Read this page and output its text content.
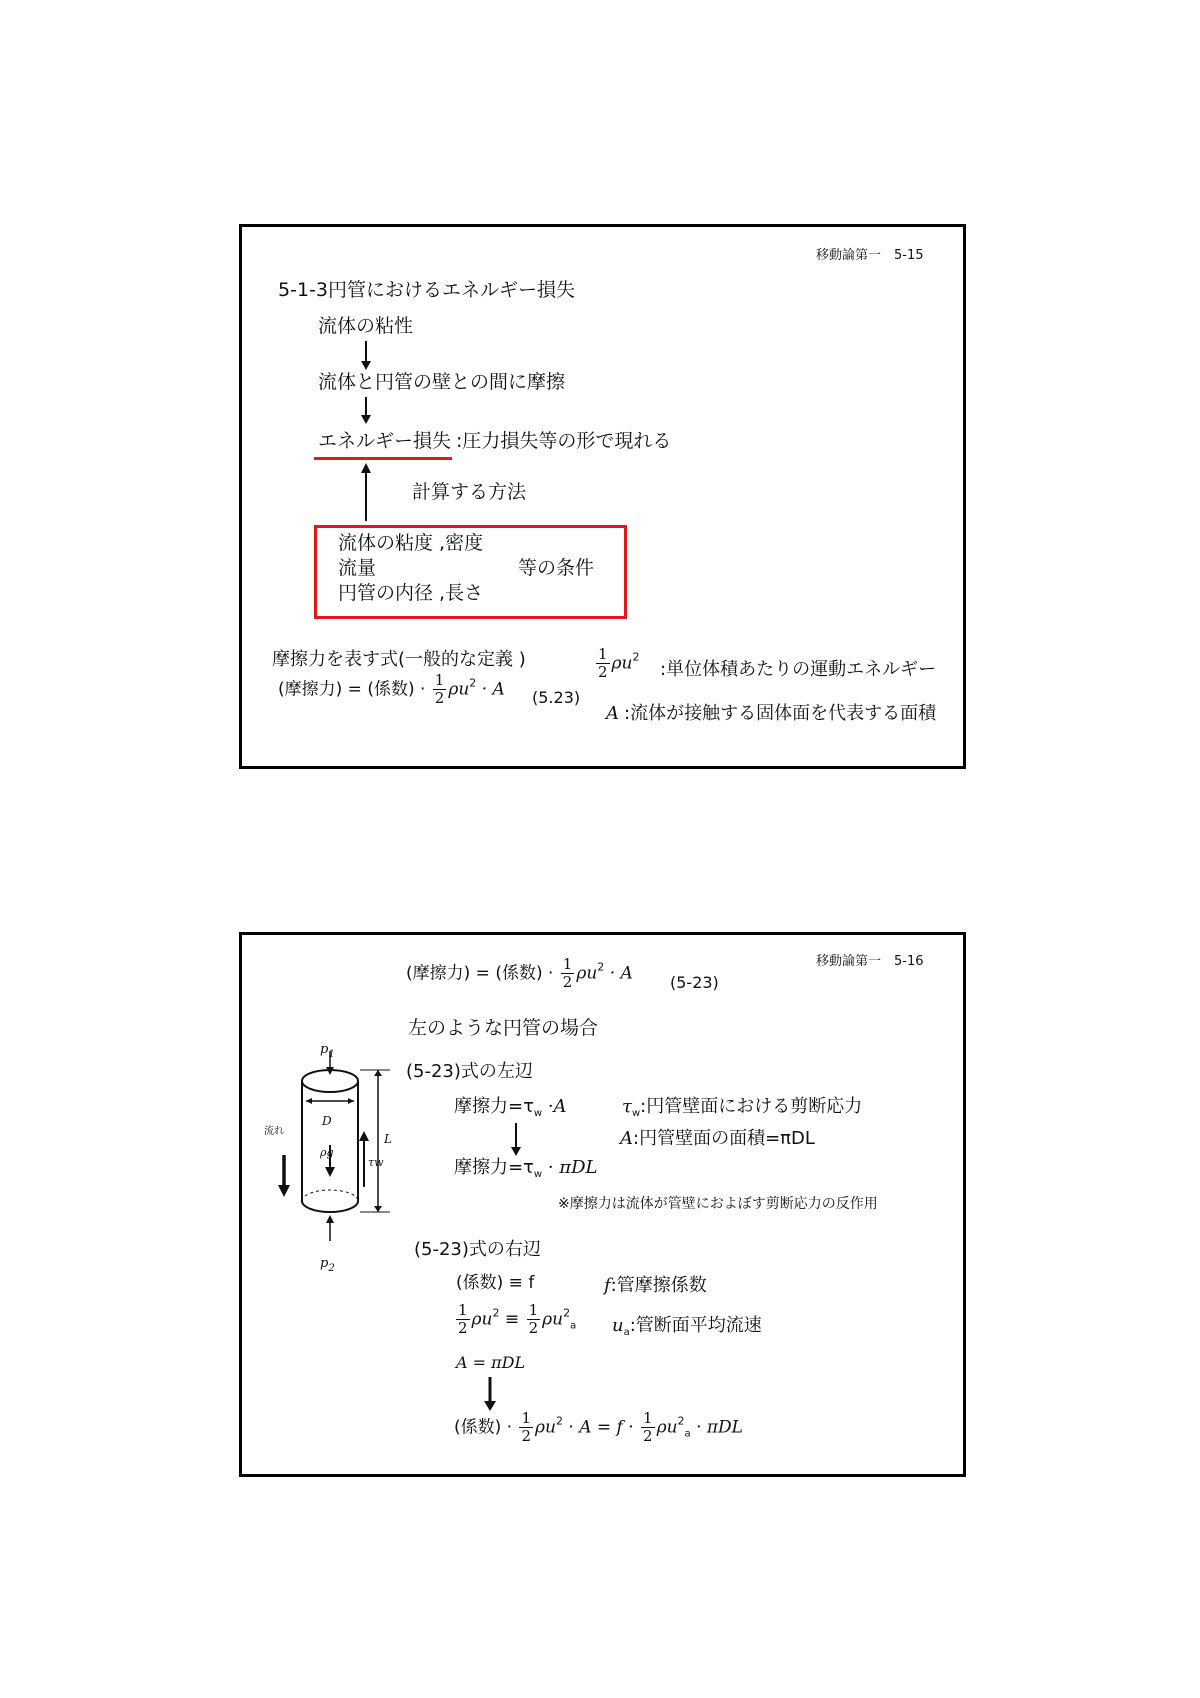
移動論第一　5-15
5-1-3円管におけるエネルギー損失
流体の粘性
流体と円管の壁との間に摩擦
エネルギー損失 :圧力損失等の形で現れる
計算する方法
流体の粘度 ,密度
流量	等の条件
円管の内径 ,長さ
摩擦力を表す式(一般的な定義 )
(摩擦力) = (係数) · $\frac{1}{2} \rho u^2 \cdot A$ (5.23)
$\frac{1}{2} \rho u^2$
:単位体積あたりの運動エネルギー
A :流体が接触する固体面を代表する面積
移動論第一　5-16
(摩擦力) = (係数) · $\frac{1}{2} \rho u^2 \cdot A$ (5-23)
左のような円管の場合
$p_1$
D
流れ
ρg
τw
L
$p_2$
(5-23)式の左辺
摩擦力$=\tau_w \cdot A$	$\tau_w$:円管壁面における剪断応力
A:円管壁面の面積=πDL
摩擦力$=\tau_w \cdot \pi DL$
※摩擦力は流体が管壁におよぼす剪断応力の反作用
(5-23)式の右辺
(係数) ≡ f	f:管摩擦係数
$\frac{1}{2} \rho u^2 \equiv \frac{1}{2} \rho u^2_a$ $u_a$:管断面平均流速
A = πDL
(係数) · $\frac{1}{2} \rho u^2 \cdot A = f \cdot \frac{1}{2} \rho u^2_a \cdot \pi DL$
